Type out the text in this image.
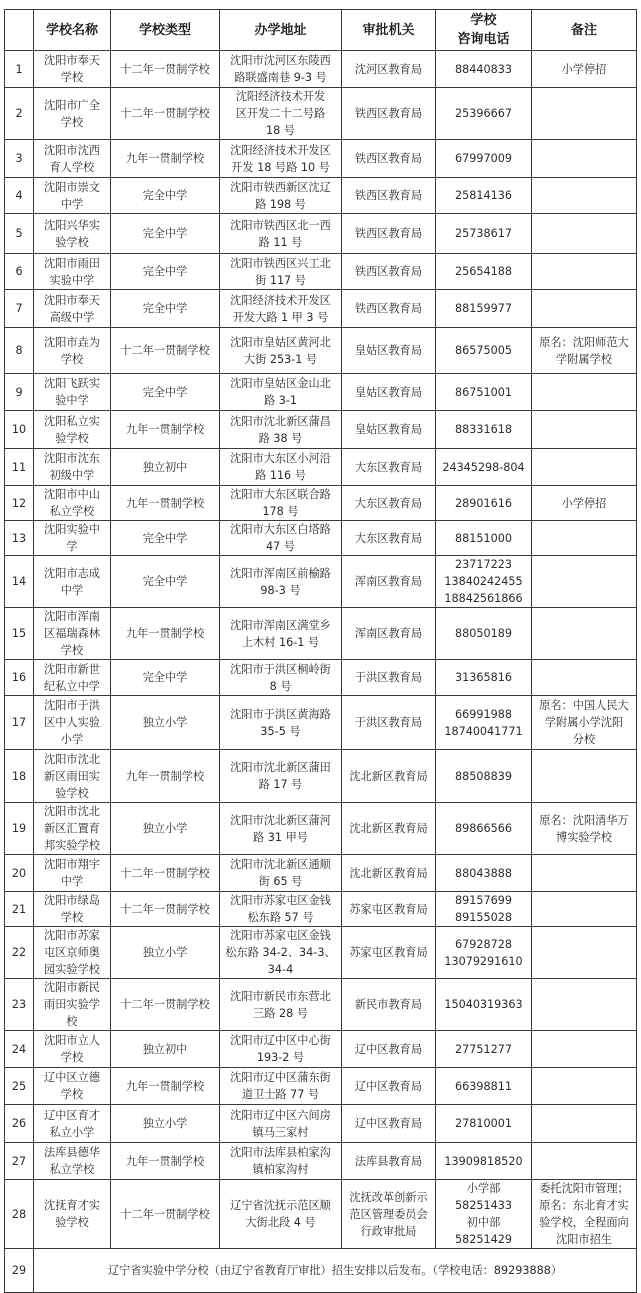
	学校名称	学校类型	办学地址	审批机关	学校
咨询电话	备注
1	沈阳市奉天
学校	十二年一贯制学校	沈阳市沈河区东陵西
路联盛南巷 9-3 号	沈河区教育局	88440833	小学停招

2	沈阳市广全
学校	十二年一贯制学校	沈阳经济技术开发
区开发二十二号路
18 号	铁西区教育局	25396667	

3	沈阳市沈西
育人学校	九年一贯制学校	沈阳经济技术开发区
开发 18 号路 10 号	铁西区教育局	67997009	

4	沈阳市崇文
中学	完全中学	沈阳市铁西新区沈辽
路 198 号	铁西区教育局	25814136	

5	沈阳兴华实
验学校	完全中学	沈阳市铁西区北一西
路 11 号	铁西区教育局	25738617	

6	沈阳市雨田
实验中学	完全中学	沈阳市铁西区兴工北
街 117 号	铁西区教育局	25654188	

7	沈阳市奉天
高级中学	完全中学	沈阳经济技术开发区
开发大路 1 甲 3 号	铁西区教育局	88159977	

8	沈阳市垚为
学校	十二年一贯制学校	沈阳市皇姑区黄河北
大街 253-1 号	皇姑区教育局	86575005	原名：沈阳师范大
学附属学校

9	沈阳飞跃实
验中学	完全中学	沈阳市皇姑区金山北
路 3-1	皇姑区教育局	86751001	

10	沈阳私立实
验学校	九年一贯制学校	沈阳市沈北新区蒲昌
路 38 号	皇姑区教育局	88331618	

11	沈阳市沈东
初级中学	独立初中	沈阳市大东区小河沿
路 116 号	大东区教育局	24345298-804	

12	沈阳市中山
私立学校	九年一贯制学校	沈阳市大东区联合路
178 号	大东区教育局	28901616	小学停招

13	沈阳实验中
学	完全中学	沈阳市大东区白塔路
47 号	大东区教育局	88151000	

14	沈阳市志成
中学	完全中学	沈阳市浑南区前榆路
98-3 号	浑南区教育局	23717223
13840242455
18842561866	

15	沈阳市浑南
区福瑞森林
学校	九年一贯制学校	沈阳市浑南区满堂乡
上木村 16-1 号	浑南区教育局	88050189	

16	沈阳市新世
纪私立中学	完全中学	沈阳市于洪区桐岭街
8 号	于洪区教育局	31365816	

17	沈阳市于洪
区中人实验
小学	独立小学	沈阳市于洪区黄海路
35-5 号	于洪区教育局	66991988
18740041771	原名：中国人民大
学附属小学沈阳
分校

18	沈阳市沈北
新区雨田实
验学校	九年一贯制学校	沈阳市沈北新区蒲田
路 17 号	沈北新区教育局	88508839	

19	沈阳市沈北
新区汇置育
邦实验学校	独立小学	沈阳市沈北新区蒲河
路 31 甲号	沈北新区教育局	89866566	原名：沈阳清华万
博实验学校

20	沈阳市翔宇
中学	十二年一贯制学校	沈阳市沈北新区通顺
街 65 号	沈北新区教育局	88043888	

21	沈阳市绿岛
学校	十二年一贯制学校	沈阳市苏家屯区金钱
松东路 57 号	苏家屯区教育局	89157699
89155028	

22	沈阳市苏家
屯区京师奥
园实验学校	独立小学	沈阳市苏家屯区金钱
松东路 34-2、34-3、
34-4	苏家屯区教育局	67928728
13079291610	

23	沈阳市新民
雨田实验学
校	十二年一贯制学校	沈阳市新民市东营北
三路 28 号	新民市教育局	15040319363	

24	沈阳市立人
学校	独立初中	沈阳市辽中区中心街
193-2 号	辽中区教育局	27751277	

25	辽中区立德
学校	九年一贯制学校	沈阳市辽中区蒲东街
道卫士路 77 号	辽中区教育局	66398811	

26	辽中区育才
私立小学	独立小学	沈阳市辽中区六间房
镇马三家村	辽中区教育局	27810001	

27	法库县德华
私立学校	九年一贯制学校	沈阳市法库县柏家沟
镇柏家沟村	法库县教育局	13909818520	

28	沈抚育才实
验学校	十二年一贯制学校	辽宁省沈抚示范区顺
大街北段 4 号	沈抚改革创新示
范区管理委员会
行政审批局	小学部
58251433
初中部
58251429	委托沈阳市管理；
原名：东北育才实
验学校，全程面向
沈阳市招生

29	辽宁省实验中学分校（由辽宁省教育厅审批）招生安排以后发布。（学校电话：89293888）					
